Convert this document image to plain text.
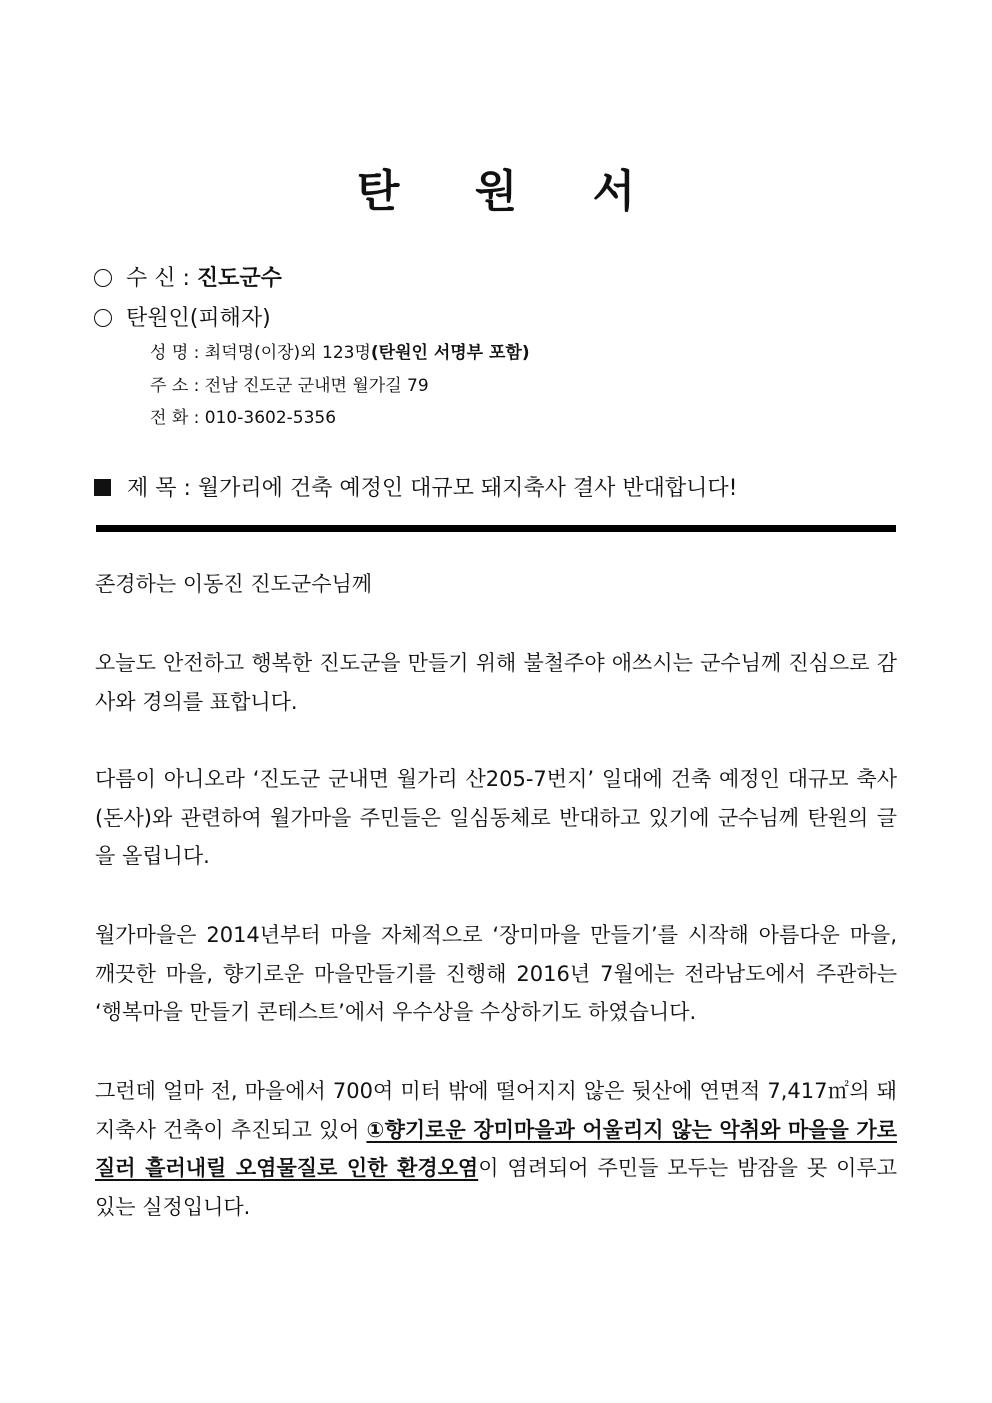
탄 원 서
수 신 : 진도군수
탄원인(피해자)
성 명 : 최덕명(이장)외 123명(탄원인 서명부 포함)
주 소 : 전남 진도군 군내면 월가길 79
전 화 : 010-3602-5356
제 목 : 월가리에 건축 예정인 대규모 돼지축사 결사 반대합니다!
존경하는 이동진 진도군수님께
오늘도 안전하고 행복한 진도군을 만들기 위해 불철주야 애쓰시는 군수님께 진심으로 감사와 경의를 표합니다.
다름이 아니오라 ‘진도군 군내면 월가리 산205-7번지’ 일대에 건축 예정인 대규모 축사(돈사)와 관련하여 월가마을 주민들은 일심동체로 반대하고 있기에 군수님께 탄원의 글을 올립니다.
월가마을은 2014년부터 마을 자체적으로 ‘장미마을 만들기’를 시작해 아름다운 마을, 깨끗한 마을, 향기로운 마을만들기를 진행해 2016년 7월에는 전라남도에서 주관하는 ‘행복마을 만들기 콘테스트’에서 우수상을 수상하기도 하였습니다.
그런데 얼마 전, 마을에서 700여 미터 밖에 떨어지지 않은 뒷산에 연면적 7,417㎡의 돼지축사 건축이 추진되고 있어 ①향기로운 장미마을과 어울리지 않는 악취와 마을을 가로질러 흘러내릴 오염물질로 인한 환경오염이 염려되어 주민들 모두는 밤잠을 못 이루고 있는 실정입니다.
